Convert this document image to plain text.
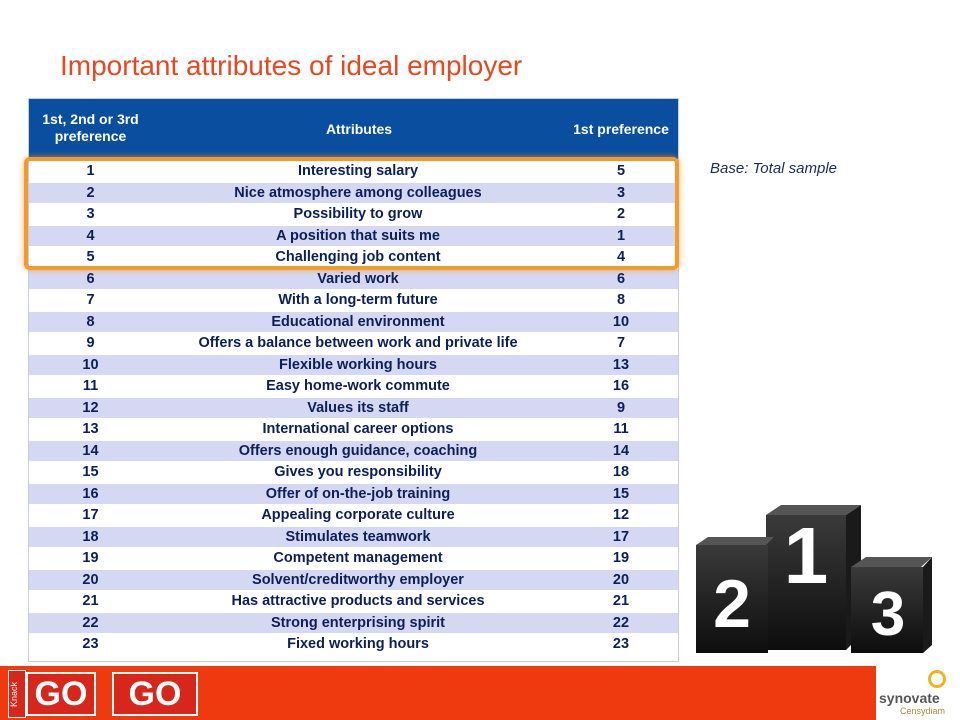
Important attributes of ideal employer
Base: Total sample
1st, 2nd or 3rd preference	Attributes	1st preference
1	Interesting salary	5
2	Nice atmosphere among colleagues	3
3	Possibility to grow	2
4	A position that suits me	1
5	Challenging job content	4
6	Varied work	6
7	With a long-term future	8
8	Educational environment	10
9	Offers a balance between work and private life	7
10	Flexible working hours	13
11	Easy home-work commute	16
12	Values its staff	9
13	International career options	11
14	Offers enough guidance, coaching	14
15	Gives you responsibility	18
16	Offer of on-the-job training	15
17	Appealing corporate culture	12
18	Stimulates teamwork	17
19	Competent management	19
20	Solvent/creditworthy employer	20
21	Has attractive products and services	21
22	Strong enterprising spirit	22
23	Fixed working hours	23
1
2 3
Knack GO	GO	synovate
Censydiam
